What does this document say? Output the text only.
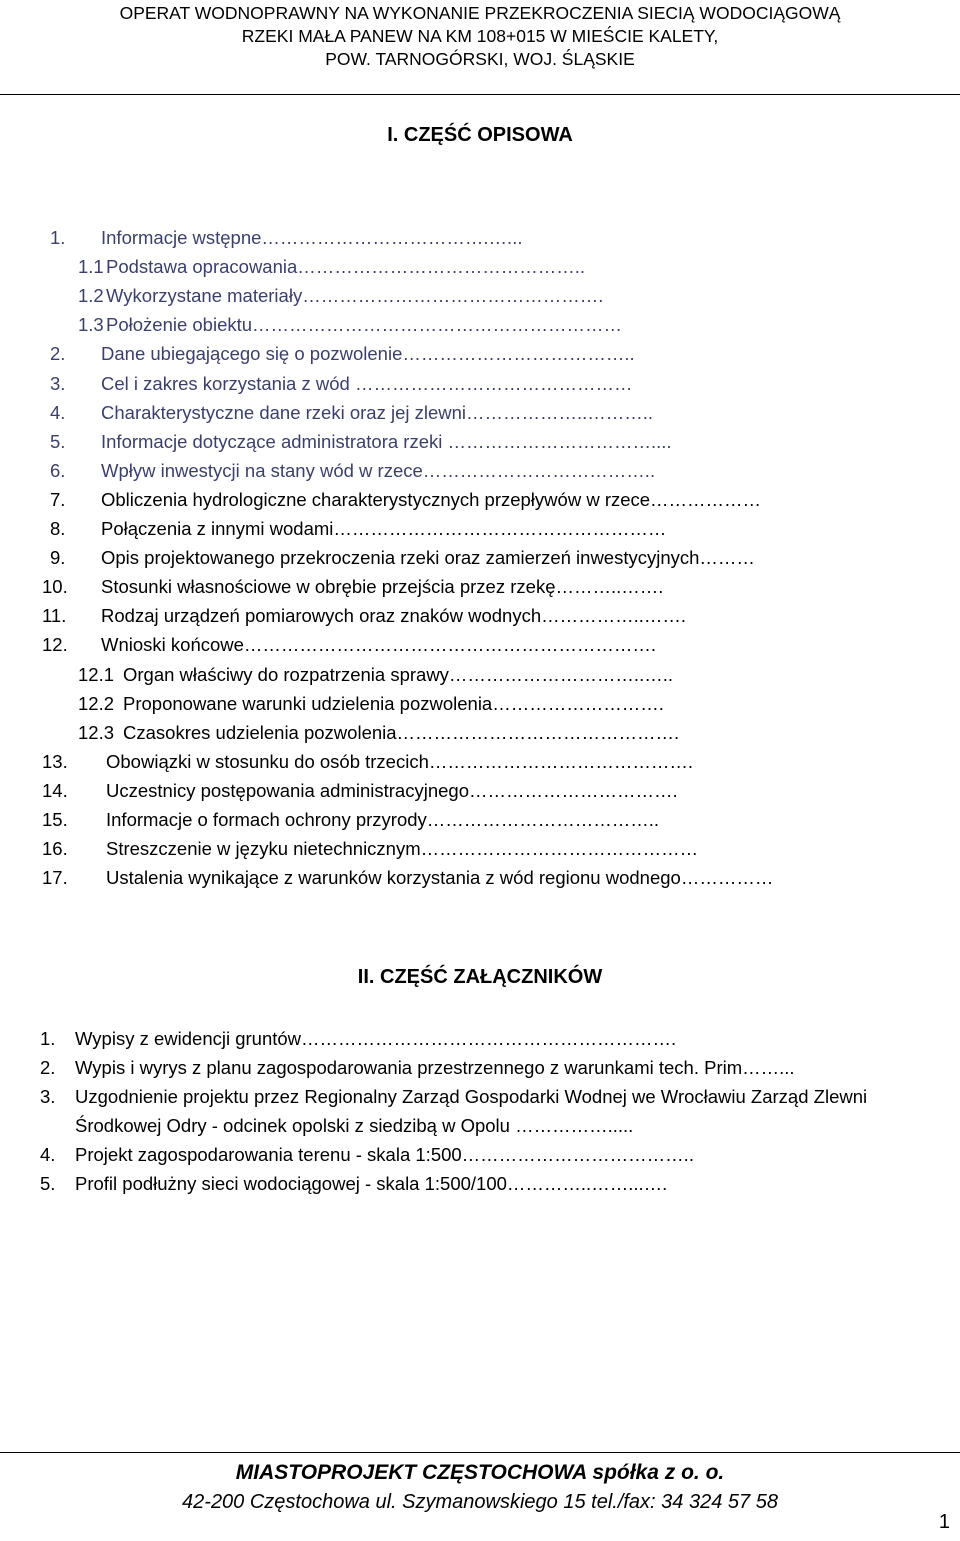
OPERAT WODNOPRAWNY NA WYKONANIE PRZEKROCZENIA SIECIĄ WODOCIĄGOWĄ
RZEKI MAŁA PANEW NA KM 108+015 W MIEŚCIE KALETY,
POW. TARNOGÓRSKI, WOJ. ŚLĄSKIE
I. CZĘŚĆ OPISOWA
1. Informacje wstępne……………………………….…...
1.1 Podstawa opracowania………………………………………..
1.2 Wykorzystane materiały………………………………………….
1.3 Położenie obiektu……………………………………………………
2. Dane ubiegającego się o pozwolenie………………………………..
3. Cel i zakres korzystania z wód ………………………………………
4. Charakterystyczne dane rzeki oraz jej zlewni………………..………..
5. Informacje dotyczące administratora rzeki ……………………………....
6. Wpływ inwestycji na stany wód w rzece………………………………..
7. Obliczenia hydrologiczne charakterystycznych przepływów w rzece………………
8. Połączenia z innymi wodami………………………………………………
9. Opis projektowanego przekroczenia rzeki oraz zamierzeń inwestycyjnych………
10. Stosunki własnościowe w obrębie przejścia przez rzekę………..…….
11. Rodzaj urządzeń pomiarowych oraz znaków wodnych……………..…….
12. Wnioski końcowe………………………………………………………….
12.1 Organ właściwy do rozpatrzenia sprawy…………………………..…..
12.2 Proponowane warunki udzielenia pozwolenia……………………….
12.3 Czasokres udzielenia pozwolenia……………………………………….
13. Obowiązki w stosunku do osób trzecich…………………………………….
14. Uczestnicy postępowania administracyjnego…………………………….
15. Informacje o formach ochrony przyrody………………………………..
16. Streszczenie w języku nietechnicznym………………………………………
17. Ustalenia wynikające z warunków korzystania z wód regionu wodnego……………
II. CZĘŚĆ ZAŁĄCZNIKÓW
1. Wypisy z ewidencji gruntów…………………………………………………….
2. Wypis i wyrys z planu zagospodarowania przestrzennego z warunkami tech. Prim……...
3. Uzgodnienie projektu przez Regionalny Zarząd Gospodarki Wodnej we Wrocławiu Zarząd Zlewni Środkowej Odry - odcinek opolski z siedzibą w Opolu …………….....
4. Projekt zagospodarowania terenu - skala 1:500………………………………..
5. Profil podłużny sieci wodociągowej - skala 1:500/100…………..……...….
MIASTOPROJEKT CZĘSTOCHOWA spółka z o. o.
42-200 Częstochowa ul. Szymanowskiego 15 tel./fax: 34 324 57 58
1
